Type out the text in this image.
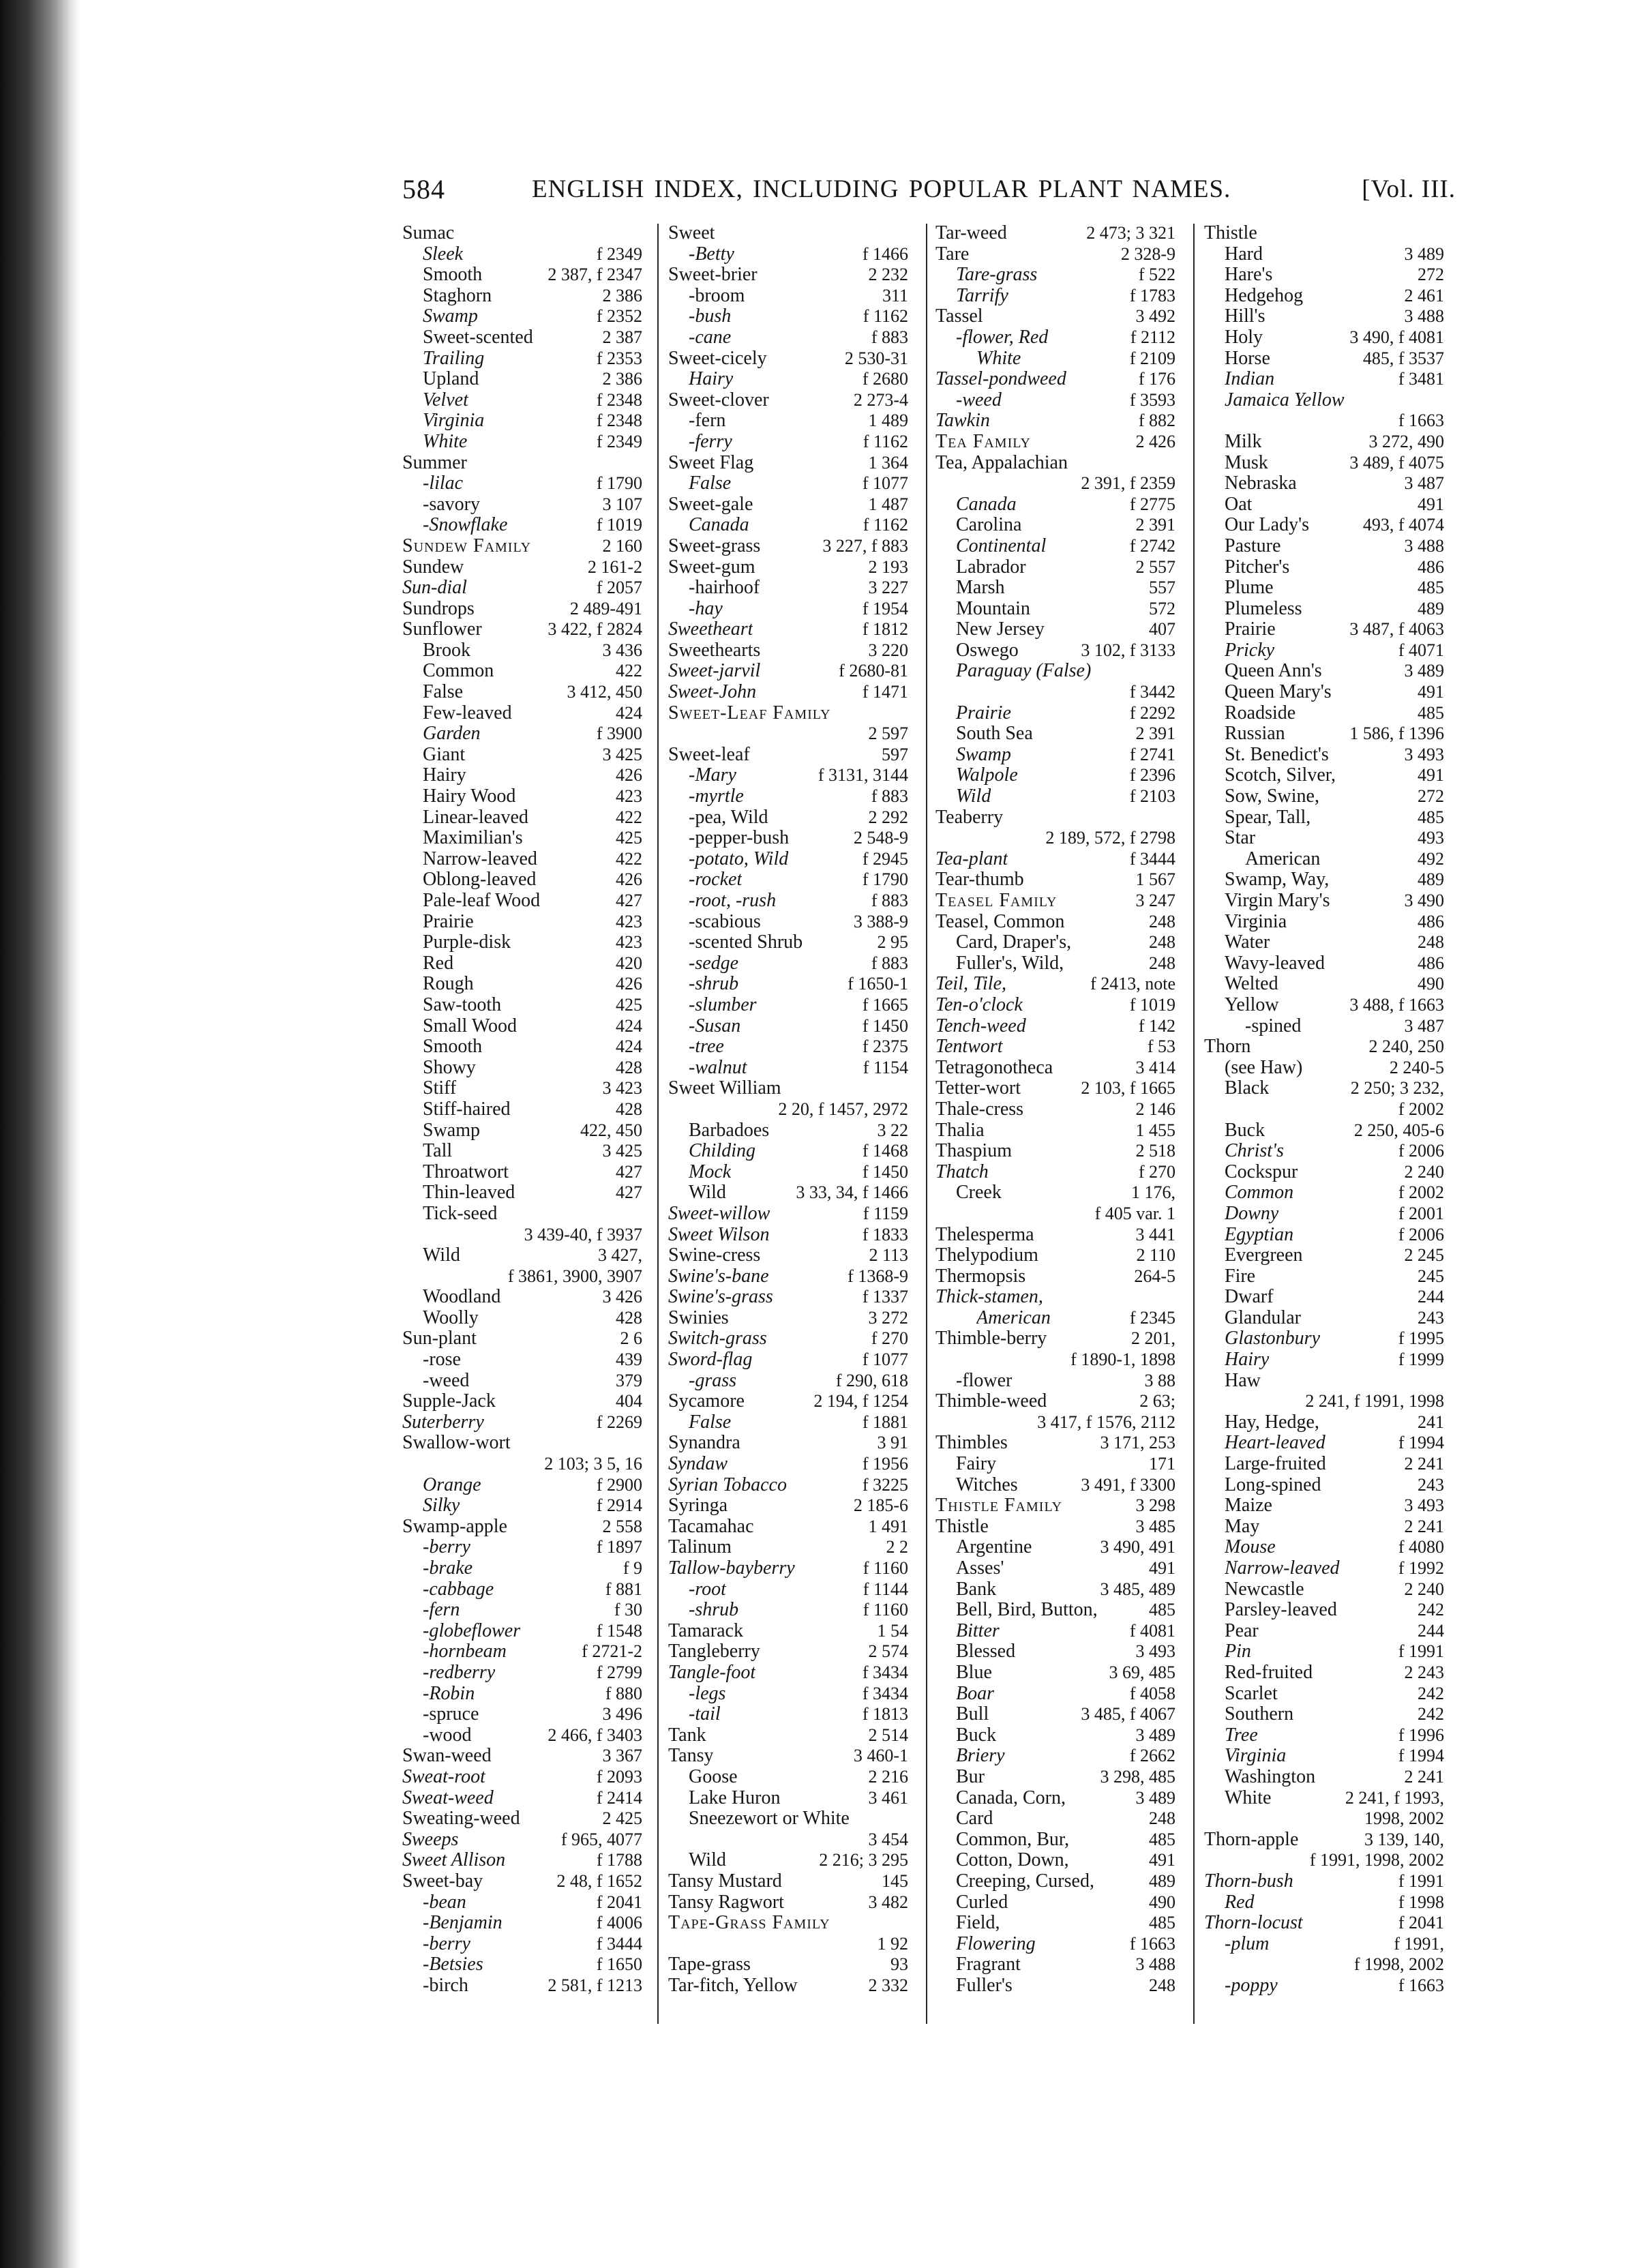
584	ENGLISH INDEX, INCLUDING POPULAR PLANT NAMES.	[Vol. III.
Sumac
Sleek	f 2349
Smooth	2 387, f 2347
Staghorn	2 386
Swamp	f 2352
Sweet-scented	2 387
Trailing	f 2353
Upland	2 386
Velvet	f 2348
Virginia	f 2348
White	f 2349
Summer
-lilac	f 1790
-savory	3 107
-Snowflake	f 1019
Sundew Family	2 160
Sundew	2 161-2
Sun-dial	f 2057
Sundrops	2 489-491
Sunflower	3 422, f 2824
Brook	3 436
Common	422
False	3 412, 450
Few-leaved	424
Garden	f 3900
Giant	3 425
Hairy	426
Hairy Wood	423
Linear-leaved	422
Maximilian's	425
Narrow-leaved	422
Oblong-leaved	426
Pale-leaf Wood	427
Prairie	423
Purple-disk	423
Red	420
Rough	426
Saw-tooth	425
Small Wood	424
Smooth	424
Showy	428
Stiff	3 423
Stiff-haired	428
Swamp	422, 450
Tall	3 425
Throatwort	427
Thin-leaved	427
Tick-seed
3 439-40, f 3937
Wild	3 427,
f 3861, 3900, 3907
Woodland	3 426
Woolly	428
Sun-plant	2 6
-rose	439
-weed	379
Supple-Jack	404
Suterberry	f 2269
Swallow-wort
2 103; 3 5, 16
Orange	f 2900
Silky	f 2914
Swamp-apple	2 558
-berry	f 1897
-brake	f 9
-cabbage	f 881
-fern	f 30
-globeflower	f 1548
-hornbeam	f 2721-2
-redberry	f 2799
-Robin	f 880
-spruce	3 496
-wood	2 466, f 3403
Swan-weed	3 367
Sweat-root	f 2093
Sweat-weed	f 2414
Sweating-weed	2 425
Sweeps	f 965, 4077
Sweet Allison	f 1788
Sweet-bay	2 48, f 1652
-bean	f 2041
-Benjamin	f 4006
-berry	f 3444
-Betsies	f 1650
-birch	2 581, f 1213
Sweet
-Betty	f 1466
Sweet-brier	2 232
-broom	311
-bush	f 1162
-cane	f 883
Sweet-cicely	2 530-31
Hairy	f 2680
Sweet-clover	2 273-4
-fern	1 489
-ferry	f 1162
Sweet Flag	1 364
False	f 1077
Sweet-gale	1 487
Canada	f 1162
Sweet-grass	3 227, f 883
Sweet-gum	2 193
-hairhoof	3 227
-hay	f 1954
Sweetheart	f 1812
Sweethearts	3 220
Sweet-jarvil	f 2680-81
Sweet-John	f 1471
Sweet-Leaf Family
2 597
Sweet-leaf	597
-Mary	f 3131, 3144
-myrtle	f 883
-pea, Wild	2 292
-pepper-bush	2 548-9
-potato, Wild	f 2945
-rocket	f 1790
-root, -rush	f 883
-scabious	3 388-9
-scented Shrub	2 95
-sedge	f 883
-shrub	f 1650-1
-slumber	f 1665
-Susan	f 1450
-tree	f 2375
-walnut	f 1154
Sweet William
2 20, f 1457, 2972
Barbadoes	3 22
Childing	f 1468
Mock	f 1450
Wild	3 33, 34, f 1466
Sweet-willow	f 1159
Sweet Wilson	f 1833
Swine-cress	2 113
Swine's-bane	f 1368-9
Swine's-grass	f 1337
Swinies	3 272
Switch-grass	f 270
Sword-flag	f 1077
-grass	f 290, 618
Sycamore	2 194, f 1254
False	f 1881
Synandra	3 91
Syndaw	f 1956
Syrian Tobacco	f 3225
Syringa	2 185-6
Tacamahac	1 491
Talinum	2 2
Tallow-bayberry	f 1160
-root	f 1144
-shrub	f 1160
Tamarack	1 54
Tangleberry	2 574
Tangle-foot	f 3434
-legs	f 3434
-tail	f 1813
Tank	2 514
Tansy	3 460-1
Goose	2 216
Lake Huron	3 461
Sneezewort or White
3 454
Wild	2 216; 3 295
Tansy Mustard	145
Tansy Ragwort	3 482
Tape-Grass Family
1 92
Tape-grass	93
Tar-fitch, Yellow	2 332
Tar-weed	2 473; 3 321
Tare	2 328-9
Tare-grass	f 522
Tarrify	f 1783
Tassel	3 492
-flower, Red	f 2112
White	f 2109
Tassel-pondweed	f 176
-weed	f 3593
Tawkin	f 882
Tea Family	2 426
Tea, Appalachian
2 391, f 2359
Canada	f 2775
Carolina	2 391
Continental	f 2742
Labrador	2 557
Marsh	557
Mountain	572
New Jersey	407
Oswego	3 102, f 3133
Paraguay (False)
f 3442
Prairie	f 2292
South Sea	2 391
Swamp	f 2741
Walpole	f 2396
Wild	f 2103
Teaberry
2 189, 572, f 2798
Tea-plant	f 3444
Tear-thumb	1 567
Teasel Family	3 247
Teasel, Common	248
Card, Draper's,	248
Fuller's, Wild,	248
Teil, Tile,	f 2413, note
Ten-o'clock	f 1019
Tench-weed	f 142
Tentwort	f 53
Tetragonotheca	3 414
Tetter-wort	2 103, f 1665
Thale-cress	2 146
Thalia	1 455
Thaspium	2 518
Thatch	f 270
Creek	1 176,
f 405 var. 1
Thelesperma	3 441
Thelypodium	2 110
Thermopsis	264-5
Thick-stamen,
American	f 2345
Thimble-berry	2 201,
f 1890-1, 1898
-flower	3 88
Thimble-weed	2 63;
3 417, f 1576, 2112
Thimbles	3 171, 253
Fairy	171
Witches	3 491, f 3300
Thistle Family	3 298
Thistle	3 485
Argentine	3 490, 491
Asses'	491
Bank	3 485, 489
Bell, Bird, Button,	485
Bitter	f 4081
Blessed	3 493
Blue	3 69, 485
Boar	f 4058
Bull	3 485, f 4067
Buck	3 489
Briery	f 2662
Bur	3 298, 485
Canada, Corn,	3 489
Card	248
Common, Bur,	485
Cotton, Down,	491
Creeping, Cursed,	489
Curled	490
Field,	485
Flowering	f 1663
Fragrant	3 488
Fuller's	248
Thistle
Hard	3 489
Hare's	272
Hedgehog	2 461
Hill's	3 488
Holy	3 490, f 4081
Horse	485, f 3537
Indian	f 3481
Jamaica Yellow
f 1663
Milk	3 272, 490
Musk	3 489, f 4075
Nebraska	3 487
Oat	491
Our Lady's	493, f 4074
Pasture	3 488
Pitcher's	486
Plume	485
Plumeless	489
Prairie	3 487, f 4063
Pricky	f 4071
Queen Ann's	3 489
Queen Mary's	491
Roadside	485
Russian	1 586, f 1396
St. Benedict's	3 493
Scotch, Silver,	491
Sow, Swine,	272
Spear, Tall,	485
Star	493
American	492
Swamp, Way,	489
Virgin Mary's	3 490
Virginia	486
Water	248
Wavy-leaved	486
Welted	490
Yellow	3 488, f 1663
-spined	3 487
Thorn	2 240, 250
(see Haw)	2 240-5
Black	2 250; 3 232,
f 2002
Buck	2 250, 405-6
Christ's	f 2006
Cockspur	2 240
Common	f 2002
Downy	f 2001
Egyptian	f 2006
Evergreen	2 245
Fire	245
Dwarf	244
Glandular	243
Glastonbury	f 1995
Hairy	f 1999
Haw
2 241, f 1991, 1998
Hay, Hedge,	241
Heart-leaved	f 1994
Large-fruited	2 241
Long-spined	243
Maize	3 493
May	2 241
Mouse	f 4080
Narrow-leaved	f 1992
Newcastle	2 240
Parsley-leaved	242
Pear	244
Pin	f 1991
Red-fruited	2 243
Scarlet	242
Southern	242
Tree	f 1996
Virginia	f 1994
Washington	2 241
White	2 241, f 1993,
1998, 2002
Thorn-apple	3 139, 140,
f 1991, 1998, 2002
Thorn-bush	f 1991
Red	f 1998
Thorn-locust	f 2041
-plum	f 1991,
f 1998, 2002
-poppy	f 1663
